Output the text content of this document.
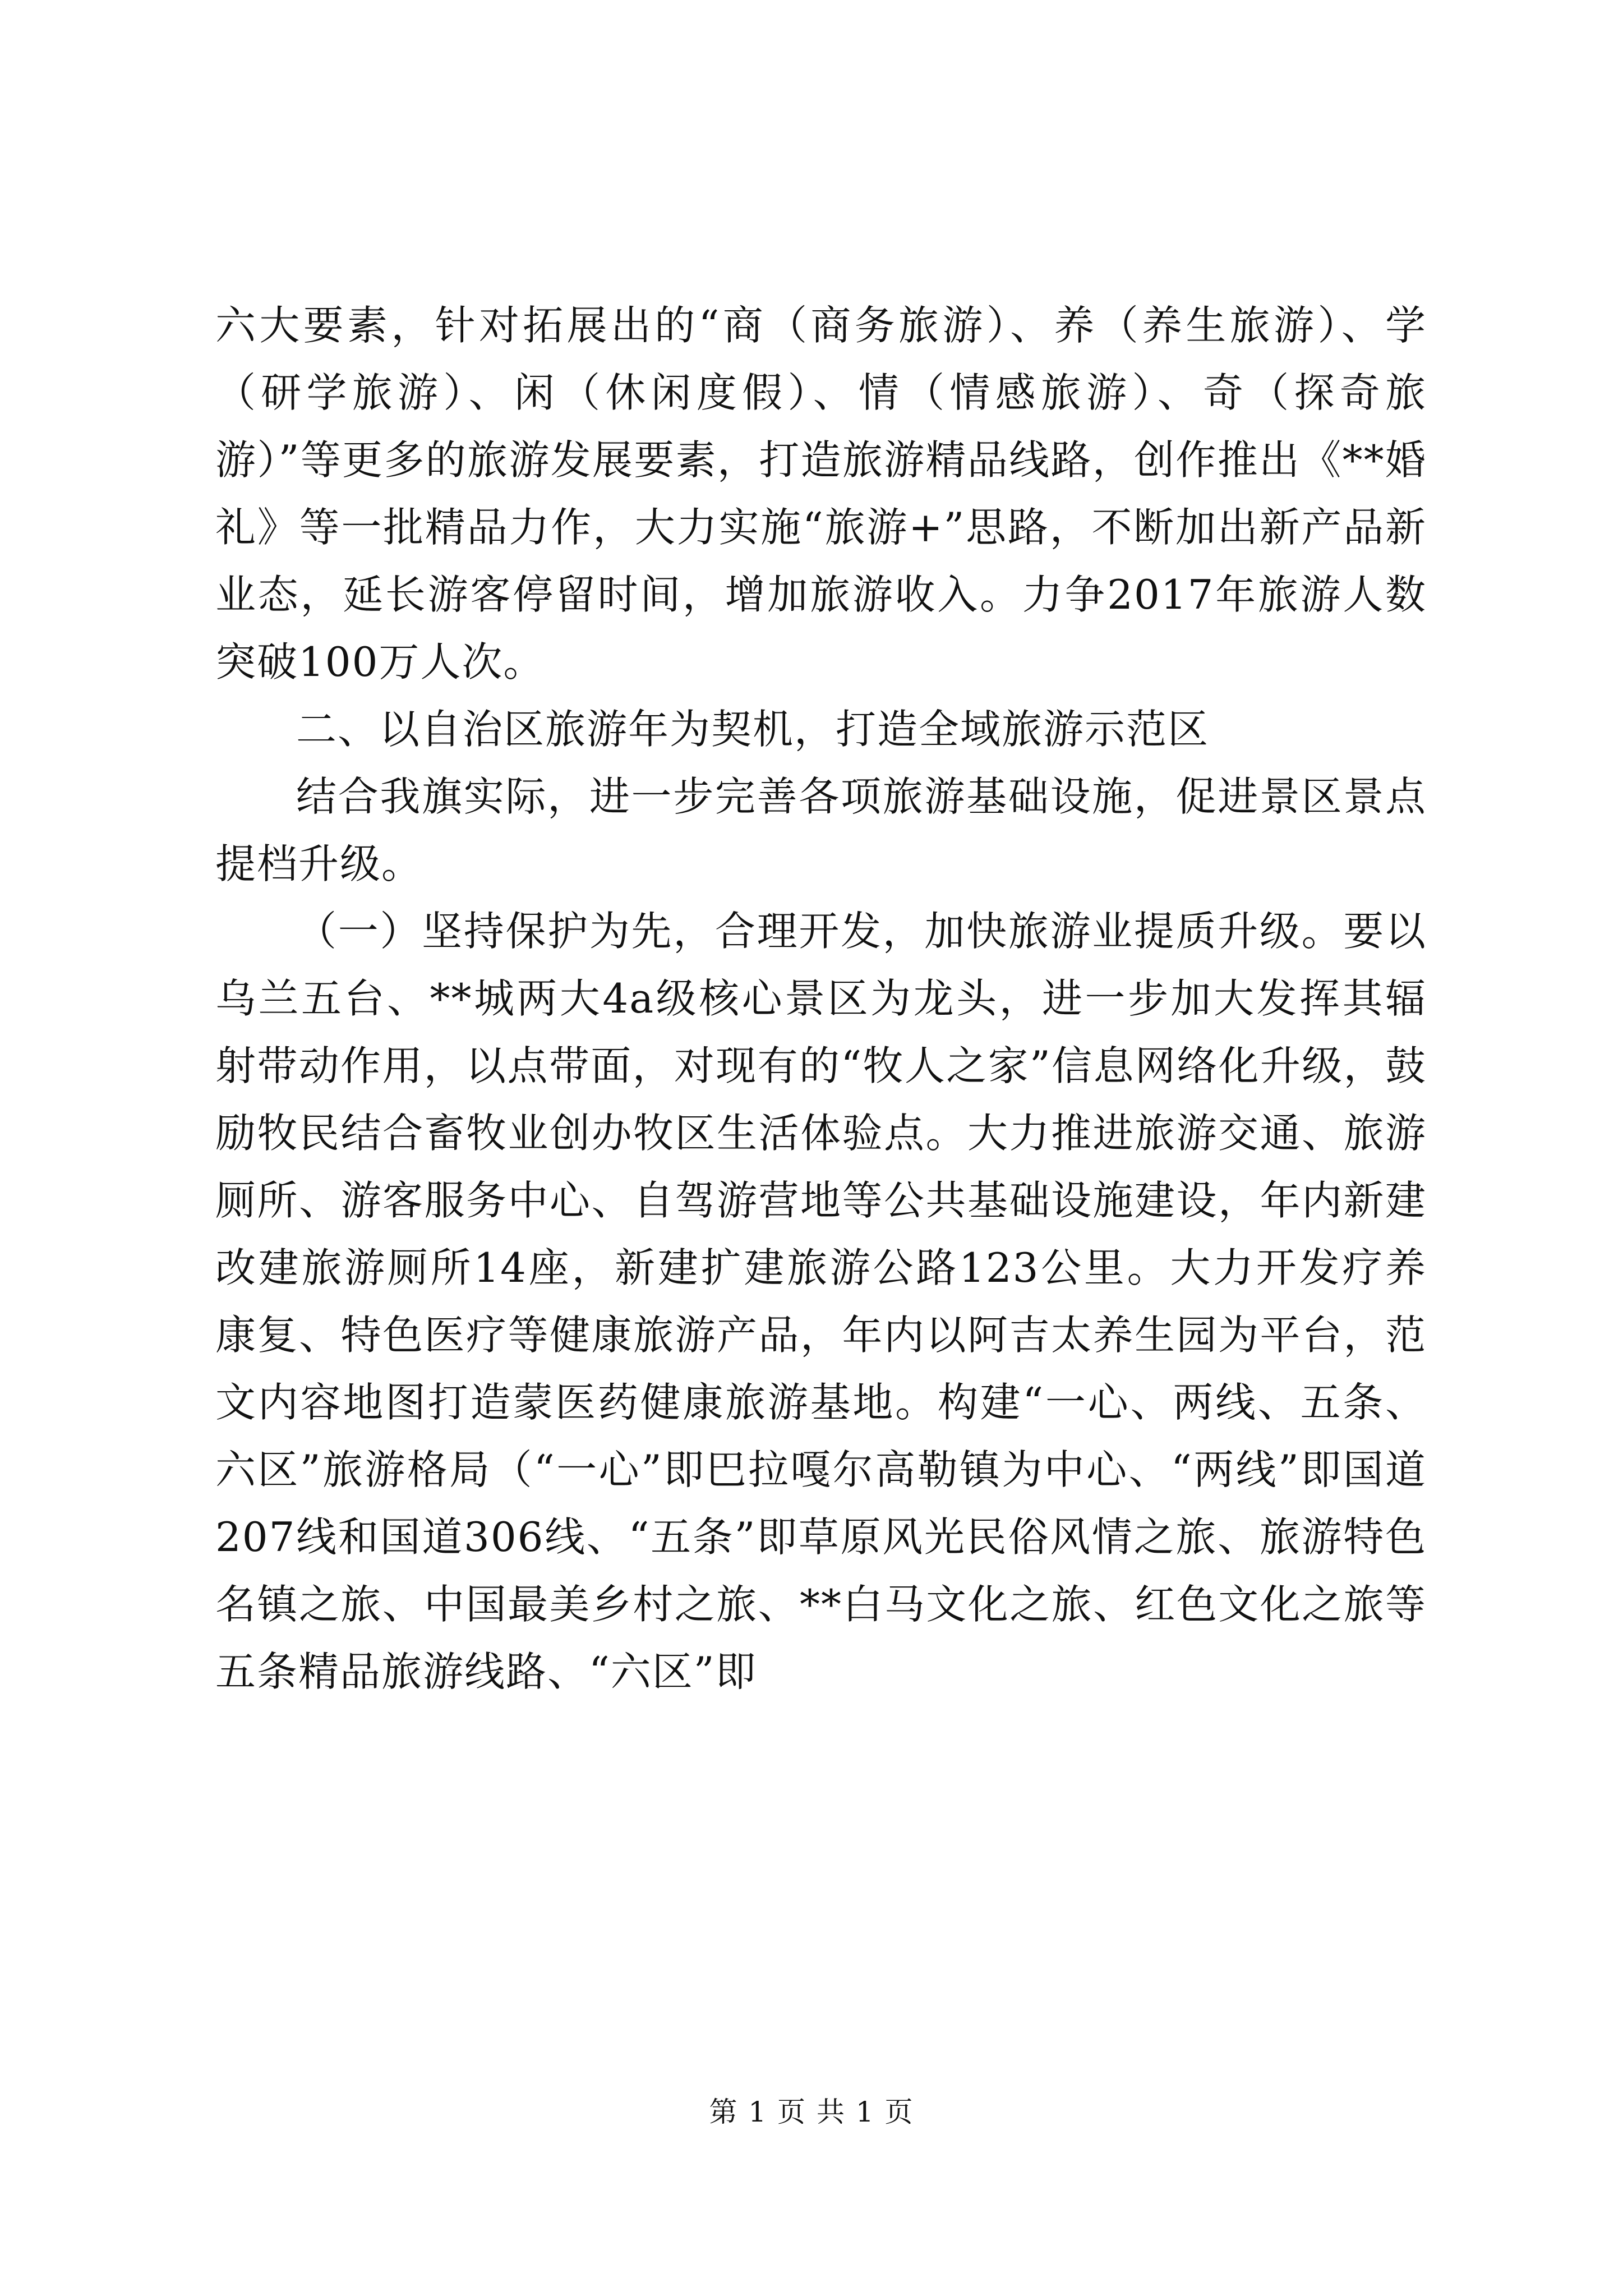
六大要素，针对拓展出的“商（商务旅游）、养（养生旅游）、学（研学旅游）、闲（休闲度假）、情（情感旅游）、奇（探奇旅游）”等更多的旅游发展要素，打造旅游精品线路，创作推出《**婚礼》等一批精品力作，大力实施“旅游+”思路，不断加出新产品新业态，延长游客停留时间，增加旅游收入。力争2017年旅游人数突破100万人次。

二、以自治区旅游年为契机，打造全域旅游示范区

结合我旗实际，进一步完善各项旅游基础设施，促进景区景点提档升级。

（一）坚持保护为先，合理开发，加快旅游业提质升级。要以乌兰五台、**城两大4a级核心景区为龙头，进一步加大发挥其辐射带动作用，以点带面，对现有的“牧人之家”信息网络化升级，鼓励牧民结合畜牧业创办牧区生活体验点。大力推进旅游交通、旅游厕所、游客服务中心、自驾游营地等公共基础设施建设，年内新建改建旅游厕所14座，新建扩建旅游公路123公里。大力开发疗养康复、特色医疗等健康旅游产品，年内以阿吉太养生园为平台，范文内容地图打造蒙医药健康旅游基地。构建“一心、两线、五条、六区”旅游格局（“一心”即巴拉嘎尔高勒镇为中心、“两线”即国道207线和国道306线、“五条”即草原风光民俗风情之旅、旅游特色名镇之旅、中国最美乡村之旅、**白马文化之旅、红色文化之旅等五条精品旅游线路、“六区”即

第 1 页 共 1 页
